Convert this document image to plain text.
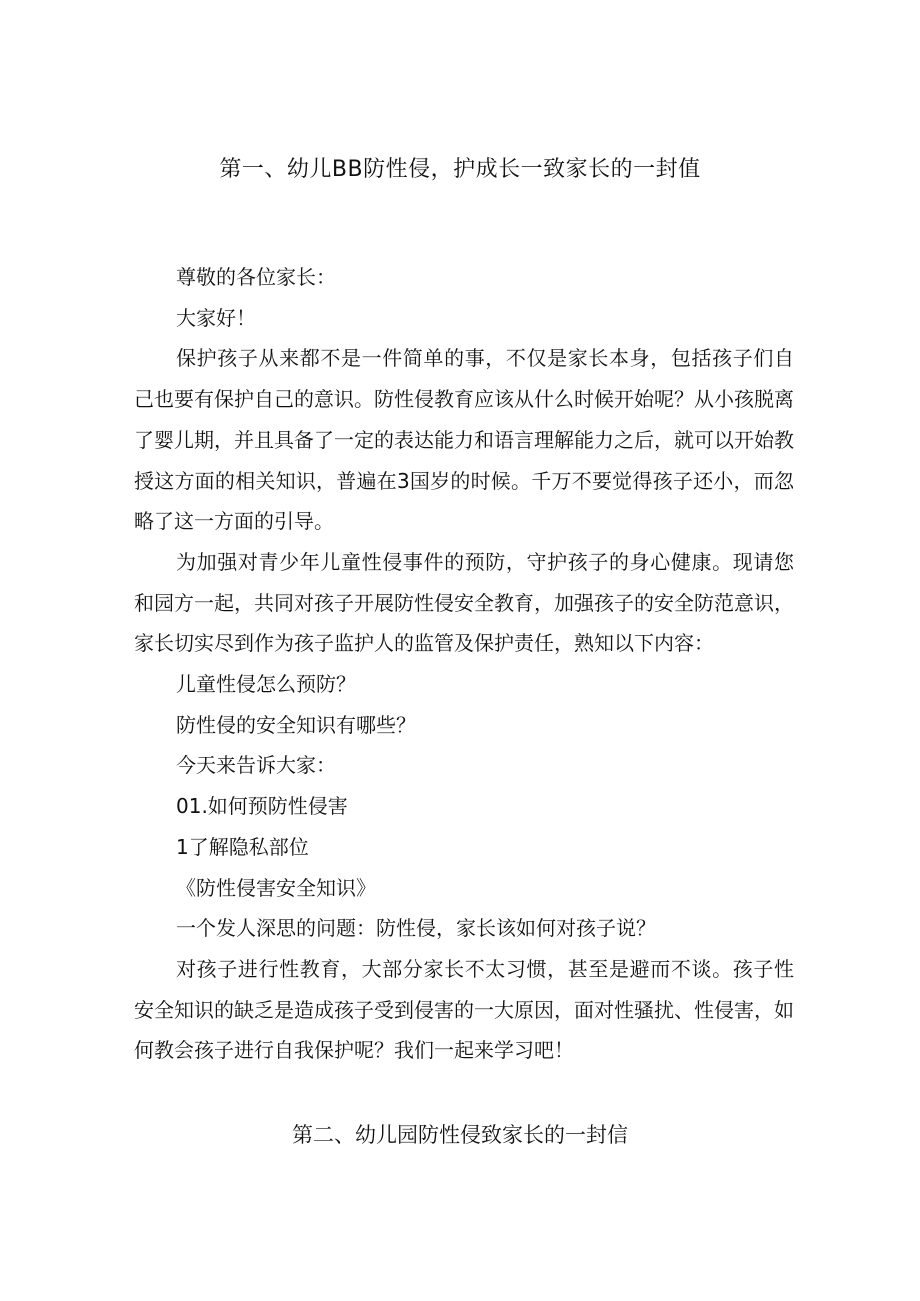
第一、幼儿BB防性侵，护成长一致家长的一封值

尊敬的各位家长：

大家好！

保护孩子从来都不是一件简单的事，不仅是家长本身，包括孩子们自己也要有保护自己的意识。防性侵教育应该从什么时候开始呢？从小孩脱离了婴儿期，并且具备了一定的表达能力和语言理解能力之后，就可以开始教授这方面的相关知识，普遍在3国岁的时候。千万不要觉得孩子还小，而忽略了这一方面的引导。

为加强对青少年儿童性侵事件的预防，守护孩子的身心健康。现请您和园方一起，共同对孩子开展防性侵安全教育，加强孩子的安全防范意识，家长切实尽到作为孩子监护人的监管及保护责任，熟知以下内容：

儿童性侵怎么预防？

防性侵的安全知识有哪些？

今天来告诉大家：

01.如何预防性侵害

1了解隐私部位

《防性侵害安全知识》

一个发人深思的问题：防性侵，家长该如何对孩子说？

对孩子进行性教育，大部分家长不太习惯，甚至是避而不谈。孩子性安全知识的缺乏是造成孩子受到侵害的一大原因，面对性骚扰、性侵害，如何教会孩子进行自我保护呢？我们一起来学习吧！

第二、幼儿园防性侵致家长的一封信
